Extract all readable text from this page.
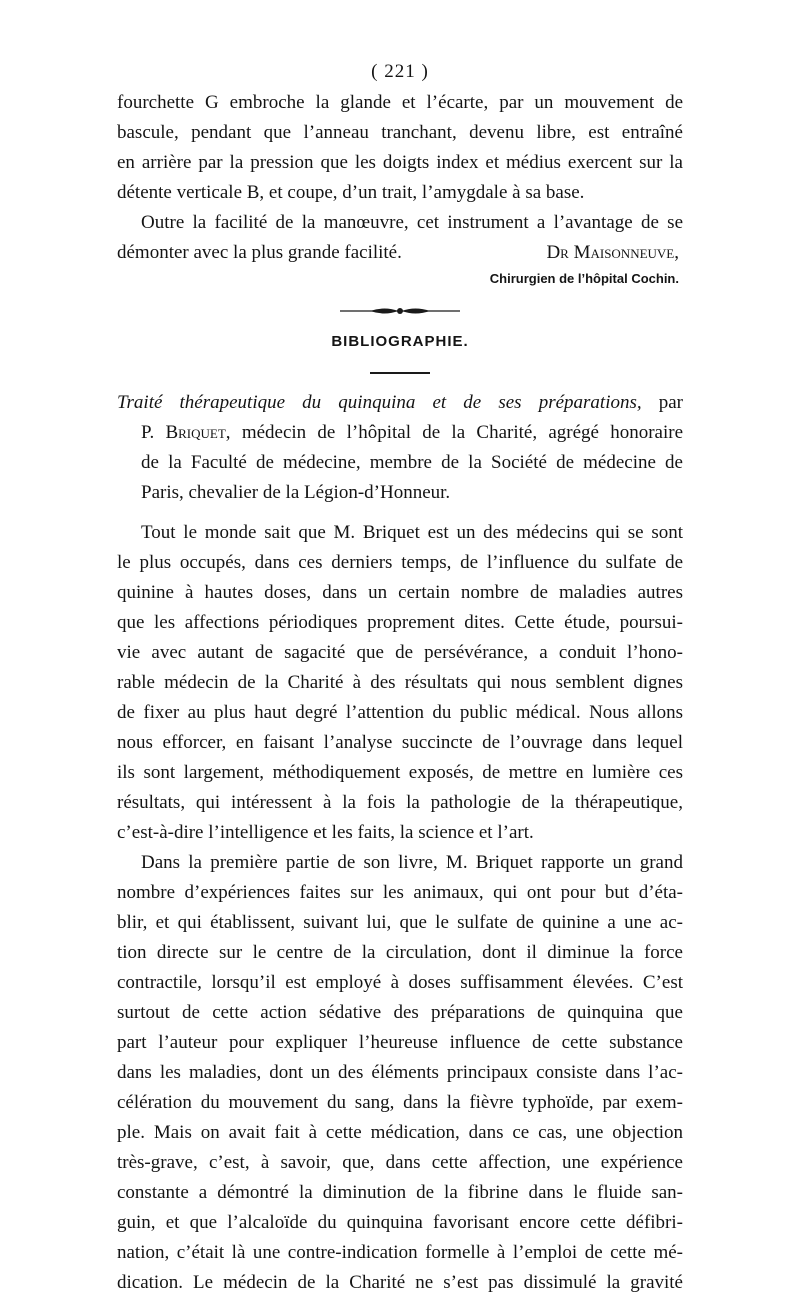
( 221 )
fourchette G embroche la glande et l’écarte, par un mouvement de
bascule, pendant que l’anneau tranchant, devenu libre, est entraîné
en arrière par la pression que les doigts index et médius exercent sur la
détente verticale B, et coupe, d’un trait, l’amygdale à sa base.
Outre la facilité de la manœuvre, cet instrument a l’avantage de se
démonter avec la plus grande facilité.	Dr Maisonneuve,
Chirurgien de l’hôpital Cochin.
BIBLIOGRAPHIE.
Traité thérapeutique du quinquina et de ses préparations, par
P. Briquet, médecin de l’hôpital de la Charité, agrégé honoraire
de la Faculté de médecine, membre de la Société de médecine de
Paris, chevalier de la Légion-d’Honneur.
Tout le monde sait que M. Briquet est un des médecins qui se sont
le plus occupés, dans ces derniers temps, de l’influence du sulfate de
quinine à hautes doses, dans un certain nombre de maladies autres
que les affections périodiques proprement dites. Cette étude, poursui-
vie avec autant de sagacité que de persévérance, a conduit l’hono-
rable médecin de la Charité à des résultats qui nous semblent dignes
de fixer au plus haut degré l’attention du public médical. Nous allons
nous efforcer, en faisant l’analyse succincte de l’ouvrage dans lequel
ils sont largement, méthodiquement exposés, de mettre en lumière ces
résultats, qui intéressent à la fois la pathologie de la thérapeutique,
c’est-à-dire l’intelligence et les faits, la science et l’art.
Dans la première partie de son livre, M. Briquet rapporte un grand
nombre d’expériences faites sur les animaux, qui ont pour but d’éta-
blir, et qui établissent, suivant lui, que le sulfate de quinine a une ac-
tion directe sur le centre de la circulation, dont il diminue la force
contractile, lorsqu’il est employé à doses suffisamment élevées. C’est
surtout de cette action sédative des préparations de quinquina que
part l’auteur pour expliquer l’heureuse influence de cette substance
dans les maladies, dont un des éléments principaux consiste dans l’ac-
célération du mouvement du sang, dans la fièvre typhoïde, par exem-
ple. Mais on avait fait à cette médication, dans ce cas, une objection
très-grave, c’est, à savoir, que, dans cette affection, une expérience
constante a démontré la diminution de la fibrine dans le fluide san-
guin, et que l’alcaloïde du quinquina favorisant encore cette défibri-
nation, c’était là une contre-indication formelle à l’emploi de cette mé-
dication. Le médecin de la Charité ne s’est pas dissimulé la gravité
